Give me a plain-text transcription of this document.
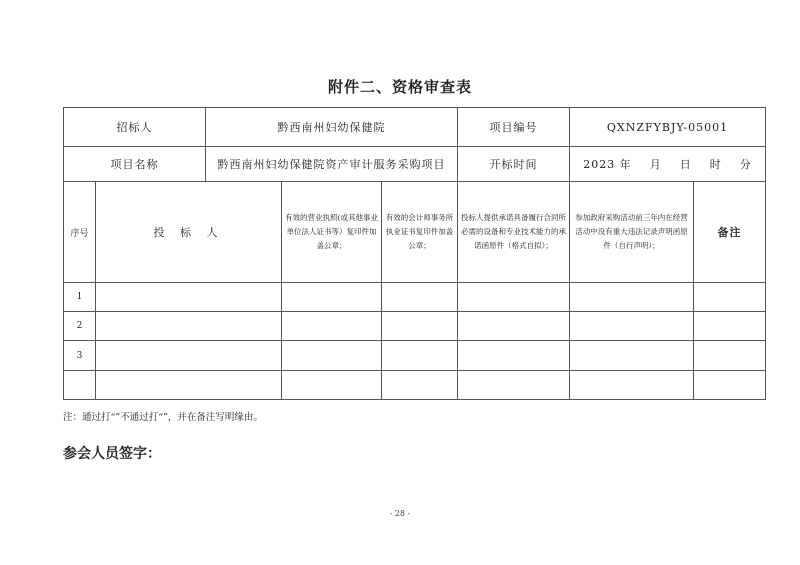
附件二、资格审查表
招标人		黔西南州妇幼保健院			项目编号	QXNZFYBJY-05001	
项目名称		黔西南州妇幼保健院资产审计服务采购项目			开标时间	2023 年    月    日    时    分	
序号	投 标 人		有效的营业执照(或其他事业单位法人证书等）复印件加盖公章；	有效的会计师事务所执业证书复印件加盖公章；	投标人提供承诺具备履行合同所必需的设备和专业技术能力的承诺函原件（格式自拟）；	参加政府采购活动前三年内在经营活动中没有重大违法记录声明函原件（自行声明）；	备注
1							
2							
3							

注：通过打“”不通过打“”，并在备注写明缘由。
参会人员签字：
- 28 -
